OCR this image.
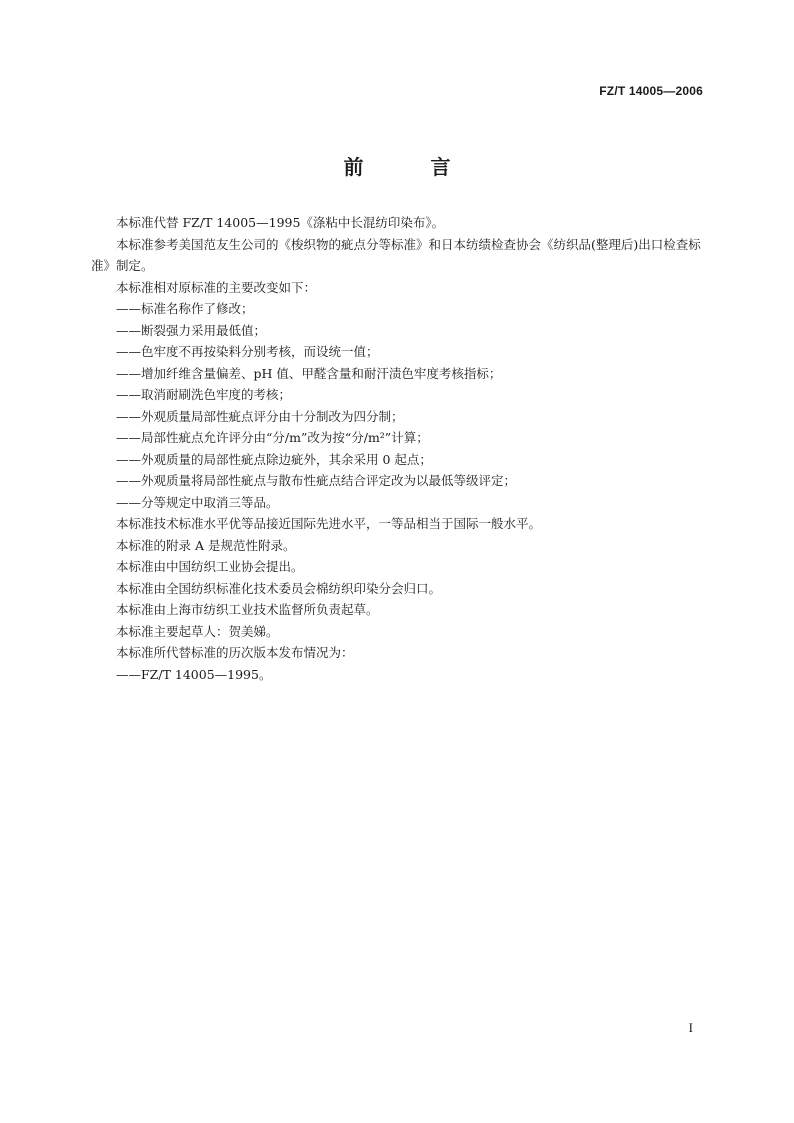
FZ/T 14005—2006
前 言

本标准代替 FZ/T 14005—1995《涤粘中长混纺印染布》。

本标准参考美国范友生公司的《梭织物的疵点分等标准》和日本纺绩检查协会《纺织品(整理后)出口检查标准》制定。

本标准相对原标准的主要改变如下：

——标准名称作了修改；

——断裂强力采用最低值；

——色牢度不再按染料分别考核，而设统一值；

——增加纤维含量偏差、pH 值、甲醛含量和耐汗渍色牢度考核指标；

——取消耐刷洗色牢度的考核；

——外观质量局部性疵点评分由十分制改为四分制；

——局部性疵点允许评分由“分/m”改为按“分/m²”计算；

——外观质量的局部性疵点除边疵外，其余采用 0 起点；

——外观质量将局部性疵点与散布性疵点结合评定改为以最低等级评定；

——分等规定中取消三等品。

本标准技术标准水平优等品接近国际先进水平，一等品相当于国际一般水平。

本标准的附录 A 是规范性附录。

本标准由中国纺织工业协会提出。

本标准由全国纺织标准化技术委员会棉纺织印染分会归口。

本标准由上海市纺织工业技术监督所负责起草。

本标准主要起草人：贺美娣。

本标准所代替标准的历次版本发布情况为：

——FZ/T 14005—1995。

I
